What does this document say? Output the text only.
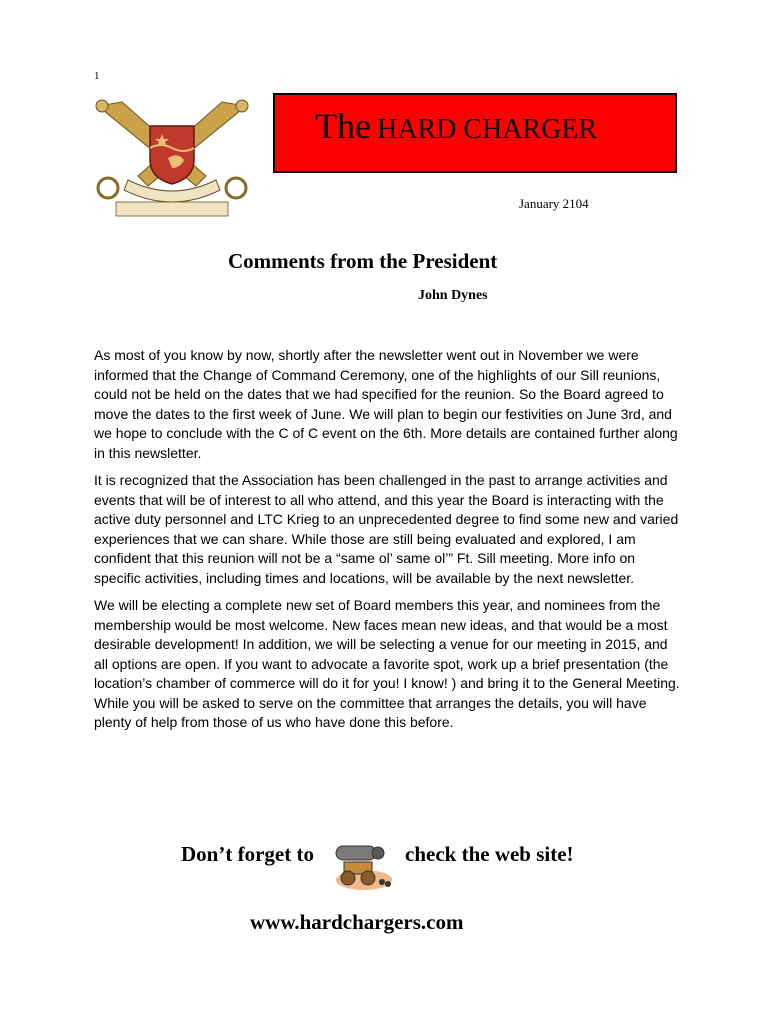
1
The HARD CHARGER
January 2104
Comments from the President
John Dynes

As most of you know by now, shortly after the newsletter went out in November we were informed that the Change of Command Ceremony, one of the highlights of our Sill reunions, could not be held on the dates that we had specified for the reunion. So the Board agreed to move the dates to the first week of June. We will plan to begin our festivities on June 3rd, and we hope to conclude with the C of C event on the 6th. More details are contained further along in this newsletter.

It is recognized that the Association has been challenged in the past to arrange activities and events that will be of interest to all who attend, and this year the Board is interacting with the active duty personnel and LTC Krieg to an unprecedented degree to find some new and varied experiences that we can share. While those are still being evaluated and explored, I am confident that this reunion will not be a “same ol’ same ol’” Ft. Sill meeting. More info on specific activities, including times and locations, will be available by the next newsletter.

We will be electing a complete new set of Board members this year, and nominees from the membership would be most welcome. New faces mean new ideas, and that would be a most desirable development! In addition, we will be selecting a venue for our meeting in 2015, and all options are open. If you want to advocate a favorite spot, work up a brief presentation (the location’s chamber of commerce will do it for you! I know! ) and bring it to the General Meeting. While you will be asked to serve on the committee that arranges the details, you will have plenty of help from those of us who have done this before.

Don’t forget to	check the web site!
www.hardchargers.com
